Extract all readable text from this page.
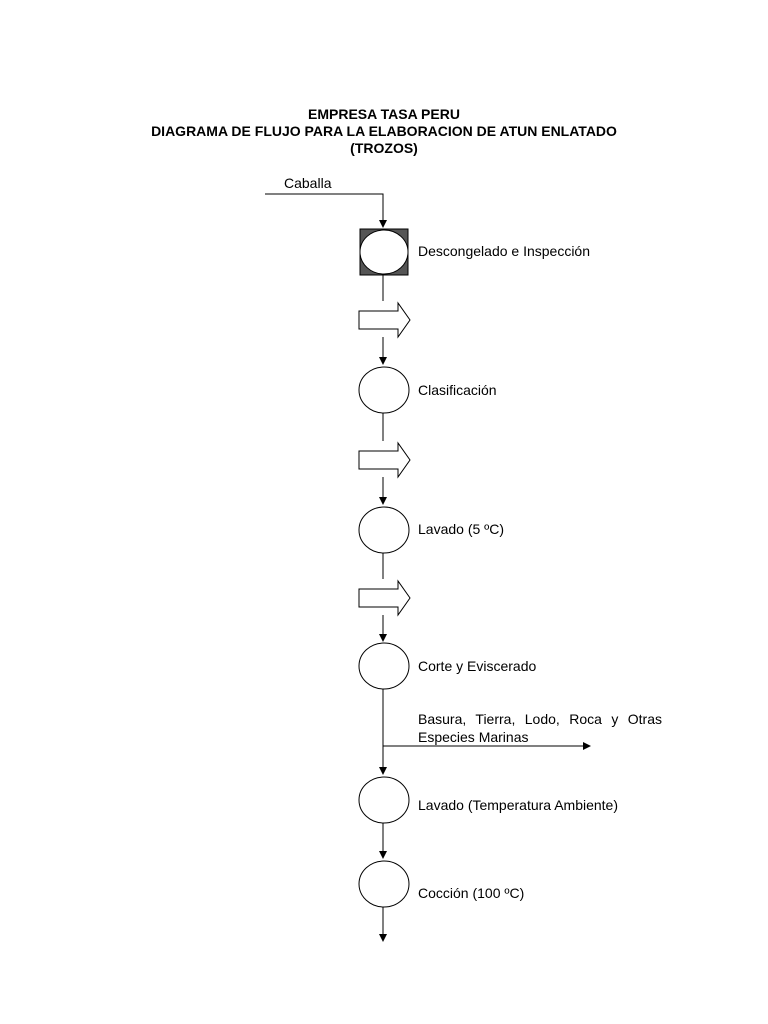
EMPRESA TASA PERU
DIAGRAMA DE FLUJO PARA LA ELABORACION DE ATUN ENLATADO
(TROZOS)
Caballa
Descongelado e Inspección
Clasificación
Lavado (5 ºC)
Corte y Eviscerado
Basura, Tierra, Lodo, Roca y Otras
Especies Marinas
Lavado (Temperatura Ambiente)
Cocción (100 ºC)
